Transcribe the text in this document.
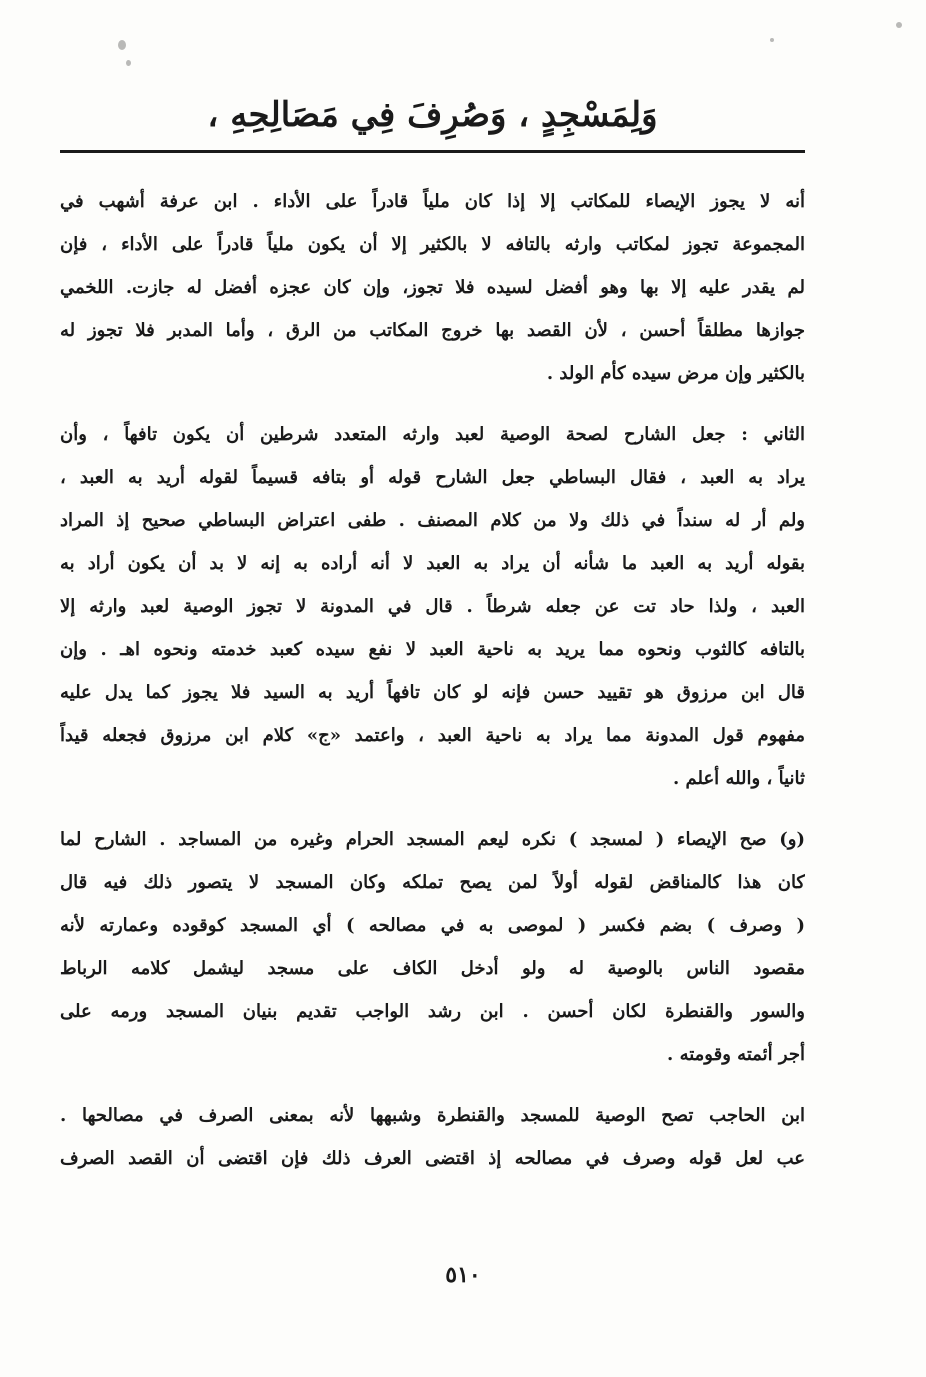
وَلِمَسْجِدٍ ، وَصُرِفَ فِي مَصَالِحِهِ ،
أنه لا يجوز الإيصاء للمكاتب إلا إذا كان ملياً قادراً على الأداء . ابن عرفة أشهب في
المجموعة تجوز لمكاتب وارثه بالتافه لا بالكثير إلا أن يكون ملياً قادراً على الأداء ، فإن
لم يقدر عليه إلا بها وهو أفضل لسيده فلا تجوز، وإن كان عجزه أفضل له جازت. اللخمي
جوازها مطلقاً أحسن ، لأن القصد بها خروج المكاتب من الرق ، وأما المدبر فلا تجوز له
بالكثير وإن مرض سيده كأم الولد .
الثاني : جعل الشارح لصحة الوصية لعبد وارثه المتعدد شرطين أن يكون تافهاً ، وأن
يراد به العبد ، فقال البساطي جعل الشارح قوله أو بتافه قسيماً لقوله أريد به العبد ،
ولم أر له سنداً في ذلك ولا من كلام المصنف . طفى اعتراض البساطي صحيح إذ المراد
بقوله أريد به العبد ما شأنه أن يراد به العبد لا أنه أراده به إنه لا بد أن يكون أراد به
العبد ، ولذا حاد تت عن جعله شرطاً . قال في المدونة لا تجوز الوصية لعبد وارثه إلا
بالتافه كالثوب ونحوه مما يريد به ناحية العبد لا نفع سيده كعبد خدمته ونحوه اهـ . وإن
قال ابن مرزوق هو تقييد حسن فإنه لو كان تافهاً أريد به السيد فلا يجوز كما يدل عليه
مفهوم قول المدونة مما يراد به ناحية العبد ، واعتمد «ج» كلام ابن مرزوق فجعله قيداً
ثانياً ، والله أعلم .
(و) صح الإيصاء ( لمسجد ) نكره ليعم المسجد الحرام وغيره من المساجد . الشارح لما
كان هذا كالمناقض لقوله أولاً لمن يصح تملكه وكان المسجد لا يتصور ذلك فيه قال
( وصرف ) بضم فكسر ( لموصى به في مصالحه ) أي المسجد كوقوده وعمارته لأنه
مقصود الناس بالوصية له ولو أدخل الكاف على مسجد ليشمل كلامه الرباط
والسور والقنطرة لكان أحسن . ابن رشد الواجب تقديم بنيان المسجد ورمه على
أجر أئمته وقومته .
ابن الحاجب تصح الوصية للمسجد والقنطرة وشبهها لأنه بمعنى الصرف في مصالحها .
عب لعل قوله وصرف في مصالحه إذ اقتضى العرف ذلك فإن اقتضى أن القصد الصرف
٥١٠
